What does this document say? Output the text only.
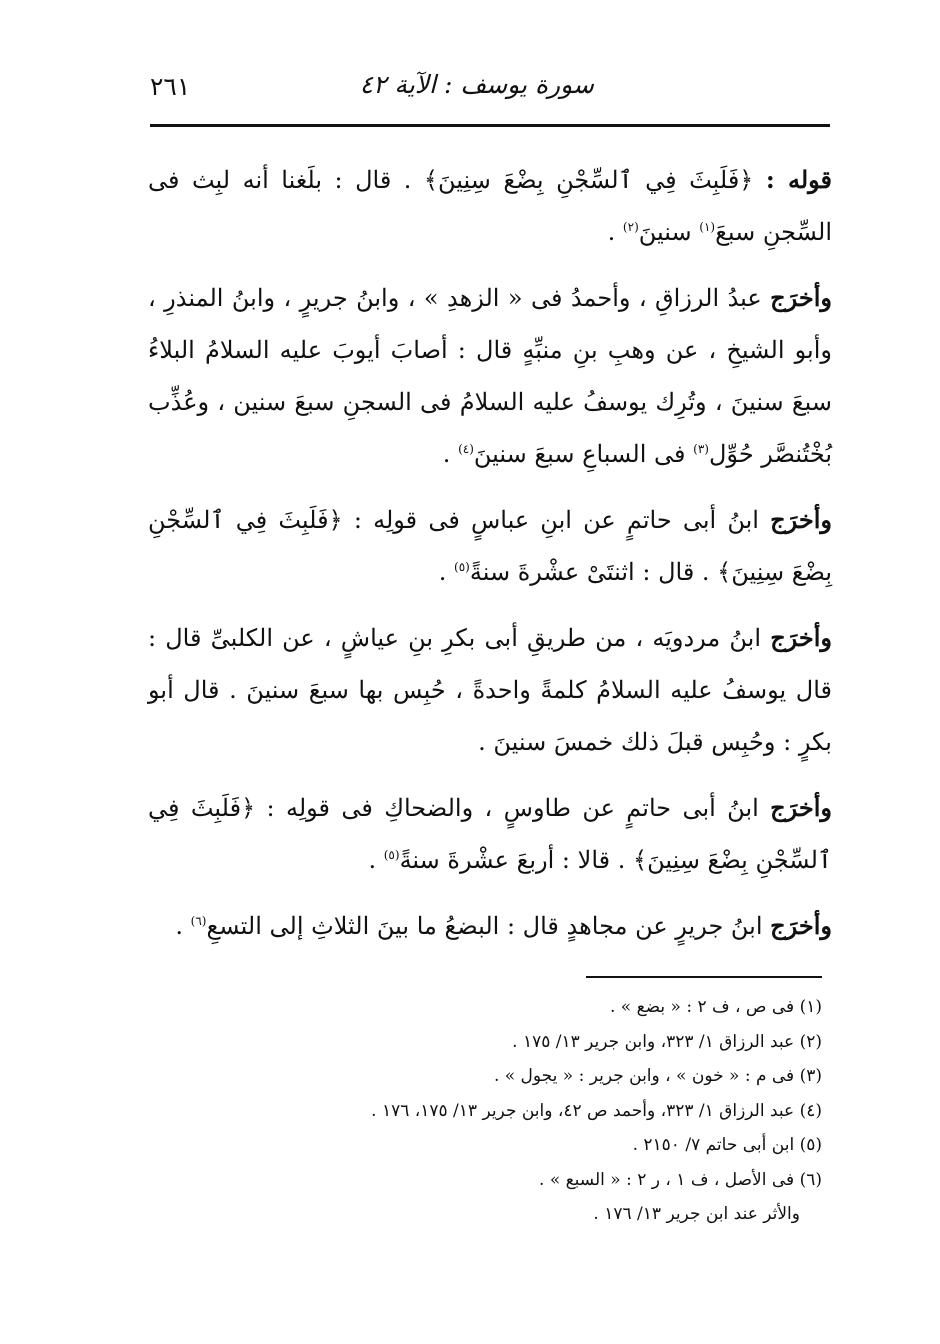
سورة يوسف : الآية ٤٢
٢٦١

قوله : ﴿فَلَبِثَ فِي ٱلسِّجْنِ بِضْعَ سِنِينَ﴾ . قال : بلَغنا أنه لبِث فى السِّجنِ سبعَ$^{(١)}$ سنينَ$^{(٢)}$ .

وأخرَج عبدُ الرزاقِ ، وأحمدُ فى « الزهدِ » ، وابنُ جريرٍ ، وابنُ المنذرِ ، وأبو الشيخِ ، عن وهبِ بنِ منبِّهٍ قال : أصابَ أيوبَ عليه السلامُ البلاءُ سبعَ سنينَ ، وتُرِك يوسفُ عليه السلامُ فى السجنِ سبعَ سنين ، وعُذِّب بُخْتُنصَّر حُوِّل$^{(٣)}$ فى السباعِ سبعَ سنينَ$^{(٤)}$ .

وأخرَج ابنُ أبى حاتمٍ عن ابنِ عباسٍ فى قولِه : ﴿فَلَبِثَ فِي ٱلسِّجْنِ بِضْعَ سِنِينَ﴾ . قال : اثنتَىْ عشْرةَ سنةً$^{(٥)}$ .

وأخرَج ابنُ مردويَه ، من طريقِ أبى بكرِ بنِ عياشٍ ، عن الكلبىِّ قال : قال يوسفُ عليه السلامُ كلمةً واحدةً ، حُبِس بها سبعَ سنينَ . قال أبو بكرٍ : وحُبِس قبلَ ذلك خمسَ سنينَ .

وأخرَج ابنُ أبى حاتمٍ عن طاوسٍ ، والضحاكِ فى قولِه : ﴿فَلَبِثَ فِي ٱلسِّجْنِ بِضْعَ سِنِينَ﴾ . قالا : أربعَ عشْرةَ سنةً$^{(٥)}$ .

وأخرَج ابنُ جريرٍ عن مجاهدٍ قال : البضعُ ما بينَ الثلاثِ إلى التسعِ$^{(٦)}$ .

(١) فى ص ، ف ٢ : « بضع » .

(٢) عبد الرزاق ١/ ٣٢٣، وابن جرير ١٣/ ١٧٥ .

(٣) فى م : « خون » ، وابن جرير : « يجول » .

(٤) عبد الرزاق ١/ ٣٢٣، وأحمد ص ٤٢، وابن جرير ١٣/ ١٧٥، ١٧٦ .

(٥) ابن أبى حاتم ٧/ ٢١٥٠ .

(٦) فى الأصل ، ف ١ ، ر ٢ : « السبع » .

والأثر عند ابن جرير ١٣/ ١٧٦ .
